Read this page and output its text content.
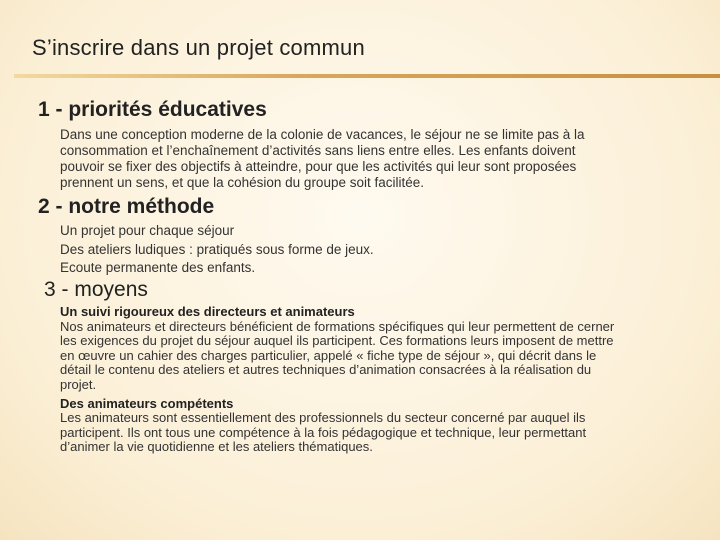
S’inscrire dans un projet commun
1 - priorités éducatives
Dans une conception moderne de la colonie de vacances, le séjour ne se limite pas à la
consommation et l’enchaînement d’activités sans liens entre elles. Les enfants doivent
pouvoir se fixer des objectifs à atteindre, pour que les activités qui leur sont proposées
prennent un sens, et que la cohésion du groupe soit facilitée.
2 - notre méthode
Un projet pour chaque séjour
Des ateliers ludiques : pratiqués sous forme de jeux.
Ecoute permanente des enfants.
3 - moyens
Un suivi rigoureux des directeurs et animateurs
Nos animateurs et directeurs bénéficient de formations spécifiques qui leur permettent de cerner
les exigences du projet du séjour auquel ils participent. Ces formations leurs imposent de mettre
en œuvre un cahier des charges particulier, appelé « fiche type de séjour », qui décrit dans le
détail le contenu des ateliers et autres techniques d’animation consacrées à la réalisation du
projet.
Des animateurs compétents
Les animateurs sont essentiellement des professionnels du secteur concerné par auquel ils
participent. Ils ont tous une compétence à la fois pédagogique et technique, leur permettant
d’animer la vie quotidienne et les ateliers thématiques.
